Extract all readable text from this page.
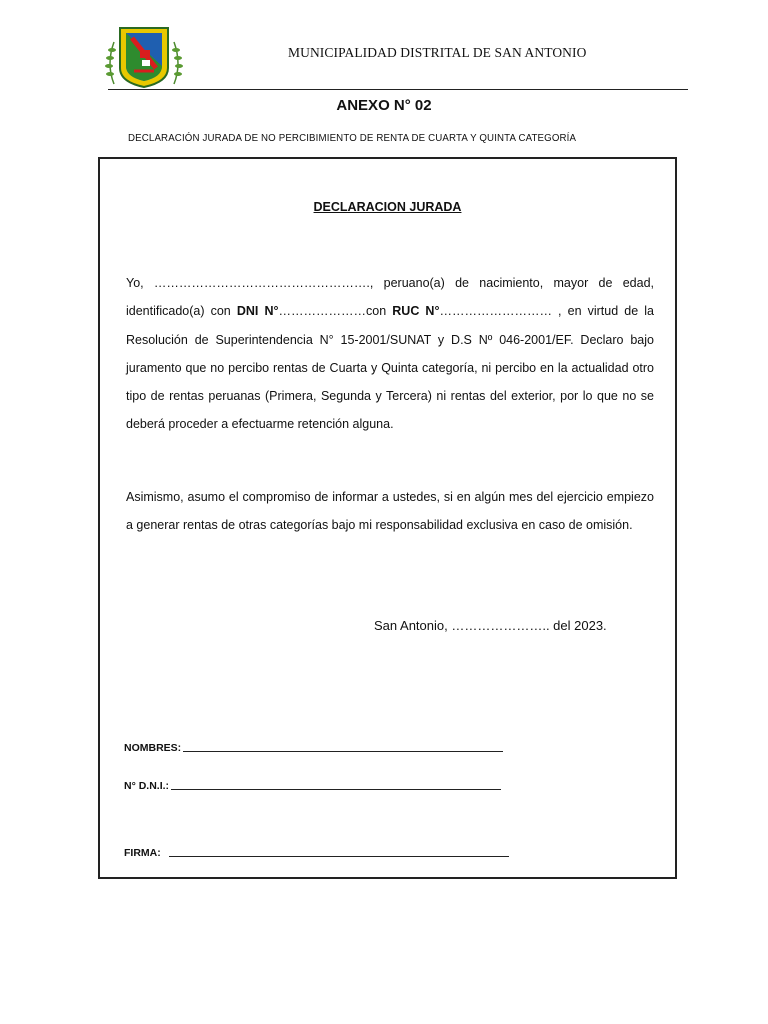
MUNICIPALIDAD DISTRITAL DE SAN ANTONIO
ANEXO N° 02
DECLARACIÓN JURADA DE NO PERCIBIMIENTO DE RENTA DE CUARTA Y QUINTA CATEGORÍA
DECLARACION JURADA
Yo, ……………………………………………., peruano(a) de nacimiento, mayor de edad, identificado(a) con DNI N°…………………con RUC N°……………………… , en virtud de la Resolución de Superintendencia N° 15-2001/SUNAT y D.S Nº 046-2001/EF. Declaro bajo juramento que no percibo rentas de Cuarta y Quinta categoría, ni percibo en la actualidad otro tipo de rentas peruanas (Primera, Segunda y Tercera) ni rentas del exterior, por lo que no se deberá proceder a efectuarme retención alguna.
Asimismo, asumo el compromiso de informar a ustedes, si en algún mes del ejercicio empiezo a generar rentas de otras categorías bajo mi responsabilidad exclusiva en caso de omisión.
San Antonio, ………………….. del 2023.
NOMBRES:
N° D.N.I.:
FIRMA:
